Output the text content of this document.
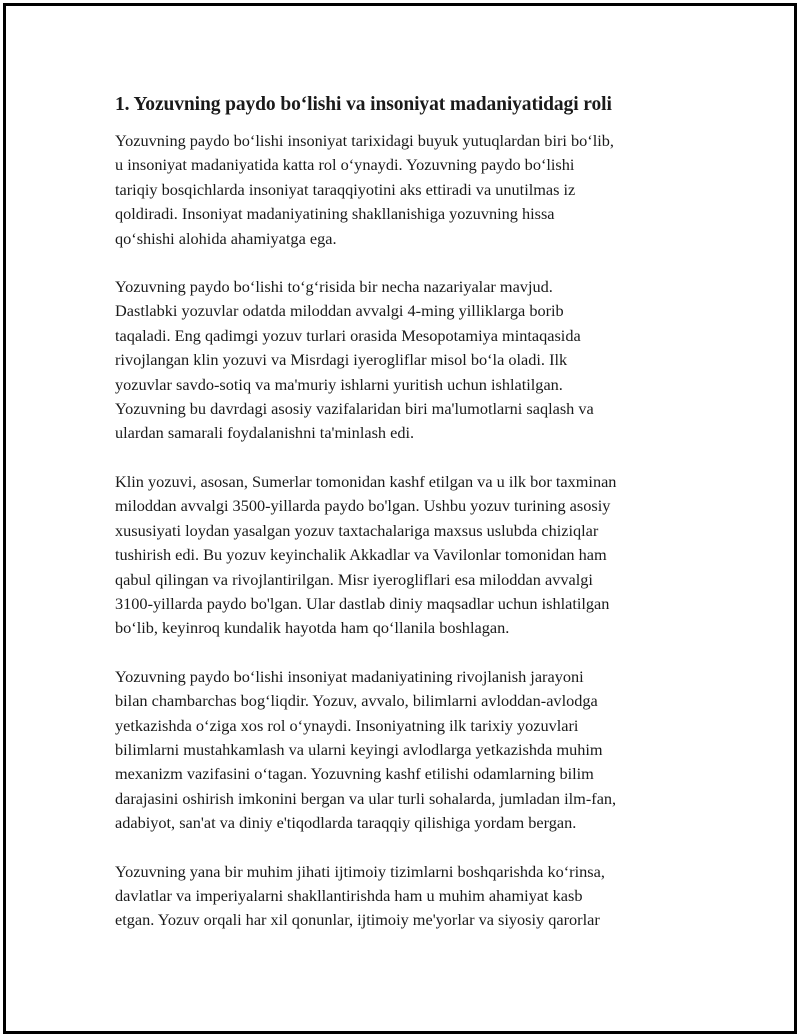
1. Yozuvning paydo bo‘lishi va insoniyat madaniyatidagi roli
Yozuvning paydo bo‘lishi insoniyat tarixidagi buyuk yutuqlardan biri bo‘lib,
u insoniyat madaniyatida katta rol o‘ynaydi. Yozuvning paydo bo‘lishi
tariqiy bosqichlarda insoniyat taraqqiyotini aks ettiradi va unutilmas iz
qoldiradi. Insoniyat madaniyatining shakllanishiga yozuvning hissa
qo‘shishi alohida ahamiyatga ega.
Yozuvning paydo bo‘lishi to‘g‘risida bir necha nazariyalar mavjud.
Dastlabki yozuvlar odatda miloddan avvalgi 4-ming yilliklarga borib
taqaladi. Eng qadimgi yozuv turlari orasida Mesopotamiya mintaqasida
rivojlangan klin yozuvi va Misrdagi iyerogliflar misol bo‘la oladi. Ilk
yozuvlar savdo-sotiq va ma'muriy ishlarni yuritish uchun ishlatilgan.
Yozuvning bu davrdagi asosiy vazifalaridan biri ma'lumotlarni saqlash va
ulardan samarali foydalanishni ta'minlash edi.
Klin yozuvi, asosan, Sumerlar tomonidan kashf etilgan va u ilk bor taxminan
miloddan avvalgi 3500-yillarda paydo bo'lgan. Ushbu yozuv turining asosiy
xususiyati loydan yasalgan yozuv taxtachalariga maxsus uslubda chiziqlar
tushirish edi. Bu yozuv keyinchalik Akkadlar va Vavilonlar tomonidan ham
qabul qilingan va rivojlantirilgan. Misr iyerogliflari esa miloddan avvalgi
3100-yillarda paydo bo'lgan. Ular dastlab diniy maqsadlar uchun ishlatilgan
bo‘lib, keyinroq kundalik hayotda ham qo‘llanila boshlagan.
Yozuvning paydo bo‘lishi insoniyat madaniyatining rivojlanish jarayoni
bilan chambarchas bog‘liqdir. Yozuv, avvalo, bilimlarni avloddan-avlodga
yetkazishda o‘ziga xos rol o‘ynaydi. Insoniyatning ilk tarixiy yozuvlari
bilimlarni mustahkamlash va ularni keyingi avlodlarga yetkazishda muhim
mexanizm vazifasini o‘tagan. Yozuvning kashf etilishi odamlarning bilim
darajasini oshirish imkonini bergan va ular turli sohalarda, jumladan ilm-fan,
adabiyot, san'at va diniy e'tiqodlarda taraqqiy qilishiga yordam bergan.
Yozuvning yana bir muhim jihati ijtimoiy tizimlarni boshqarishda ko‘rinsa,
davlatlar va imperiyalarni shakllantirishda ham u muhim ahamiyat kasb
etgan. Yozuv orqali har xil qonunlar, ijtimoiy me'yorlar va siyosiy qarorlar
